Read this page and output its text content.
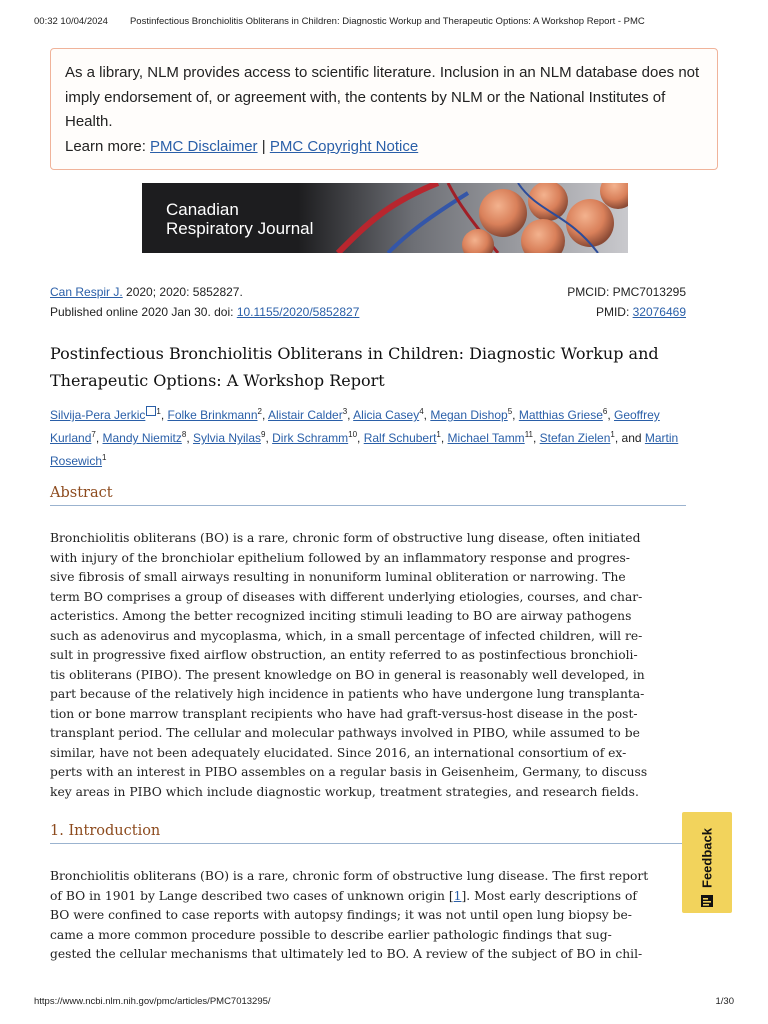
00:32 10/04/2024 Postinfectious Bronchiolitis Obliterans in Children: Diagnostic Workup and Therapeutic Options: A Workshop Report - PMC
As a library, NLM provides access to scientific literature. Inclusion in an NLM database does not imply endorsement of, or agreement with, the contents by NLM or the National Institutes of Health.
Learn more: PMC Disclaimer | PMC Copyright Notice
Canadian
Respiratory Journal
Can Respir J. 2020; 2020: 5852827.	PMCID: PMC7013295
Published online 2020 Jan 30. doi: 10.1155/2020/5852827	PMID: 32076469
Postinfectious Bronchiolitis Obliterans in Children: Diagnostic Workup and Therapeutic Options: A Workshop Report
Silvija-Pera Jerkic $^1$, Folke Brinkmann$^2$, Alistair Calder$^3$, Alicia Casey$^4$, Megan Dishop$^5$, Matthias Griese$^6$, Geoffrey Kurland$^7$, Mandy Niemitz$^8$, Sylvia Nyilas$^9$, Dirk Schramm$^{10}$, Ralf Schubert$^1$, Michael Tamm$^{11}$, Stefan Zielen$^1$, and Martin Rosewich$^1$
Abstract
Bronchiolitis obliterans (BO) is a rare, chronic form of obstructive lung disease, often initiated
with injury of the bronchiolar epithelium followed by an inflammatory response and progres-
sive fibrosis of small airways resulting in nonuniform luminal obliteration or narrowing. The
term BO comprises a group of diseases with different underlying etiologies, courses, and char-
acteristics. Among the better recognized inciting stimuli leading to BO are airway pathogens
such as adenovirus and mycoplasma, which, in a small percentage of infected children, will re-
sult in progressive fixed airflow obstruction, an entity referred to as postinfectious bronchioli-
tis obliterans (PIBO). The present knowledge on BO in general is reasonably well developed, in
part because of the relatively high incidence in patients who have undergone lung transplanta-
tion or bone marrow transplant recipients who have had graft-versus-host disease in the post-
transplant period. The cellular and molecular pathways involved in PIBO, while assumed to be
similar, have not been adequately elucidated. Since 2016, an international consortium of ex-
perts with an interest in PIBO assembles on a regular basis in Geisenheim, Germany, to discuss
key areas in PIBO which include diagnostic workup, treatment strategies, and research fields.
1. Introduction
Bronchiolitis obliterans (BO) is a rare, chronic form of obstructive lung disease. The first report
of BO in 1901 by Lange described two cases of unknown origin [1]. Most early descriptions of
BO were confined to case reports with autopsy findings; it was not until open lung biopsy be-
came a more common procedure possible to describe earlier pathologic findings that sug-
gested the cellular mechanisms that ultimately led to BO. A review of the subject of BO in chil-
Feedback
https://www.ncbi.nlm.nih.gov/pmc/articles/PMC7013295/	1/30
